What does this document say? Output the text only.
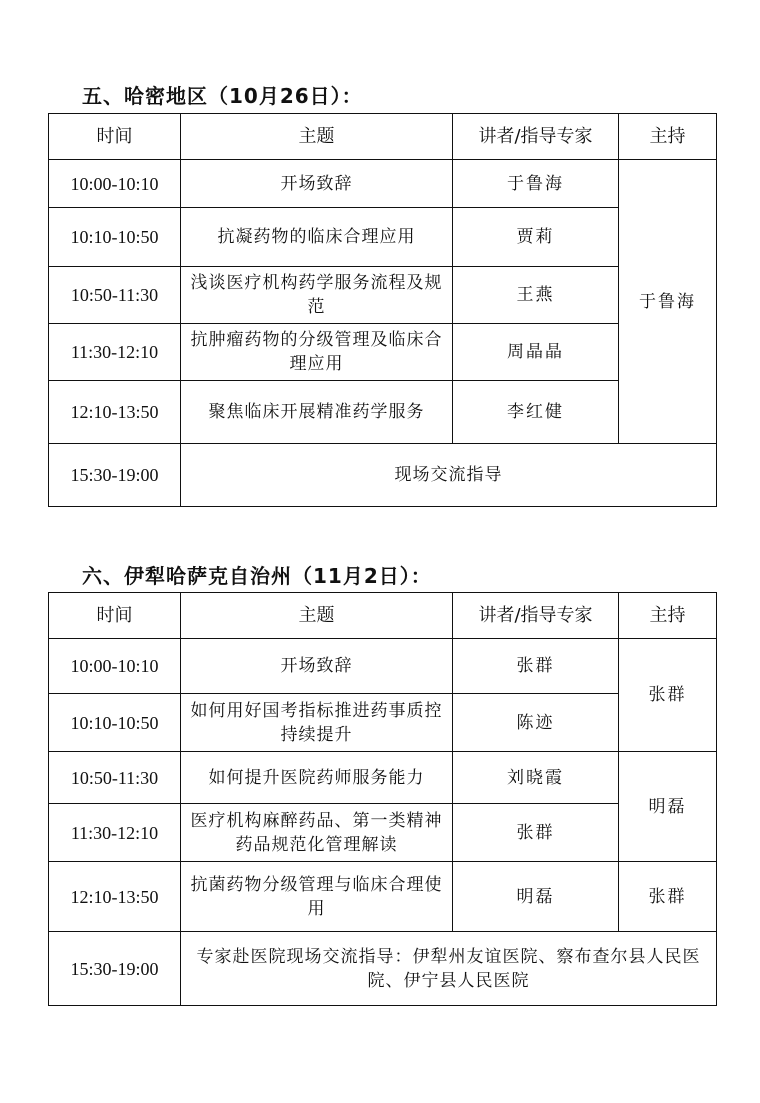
五、哈密地区（10月26日）：
时间	主题	讲者/指导专家	主持
10:00-10:10	开场致辞	于鲁海	于鲁海
10:10-10:50	抗凝药物的临床合理应用	贾莉	
10:50-11:30	浅谈医疗机构药学服务流程及规范	王燕	
11:30-12:10	抗肿瘤药物的分级管理及临床合理应用	周晶晶	
12:10-13:50	聚焦临床开展精准药学服务	李红健	
15:30-19:00	现场交流指导		
六、伊犁哈萨克自治州（11月2日）：
时间	主题	讲者/指导专家	主持
10:00-10:10	开场致辞	张群	张群
10:10-10:50	如何用好国考指标推进药事质控持续提升	陈迹	
10:50-11:30	如何提升医院药师服务能力	刘晓霞	明磊
11:30-12:10	医疗机构麻醉药品、第一类精神药品规范化管理解读	张群	
12:10-13:50	抗菌药物分级管理与临床合理使用	明磊	张群
15:30-19:00	专家赴医院现场交流指导：伊犁州友谊医院、察布查尔县人民医院、伊宁县人民医院		
